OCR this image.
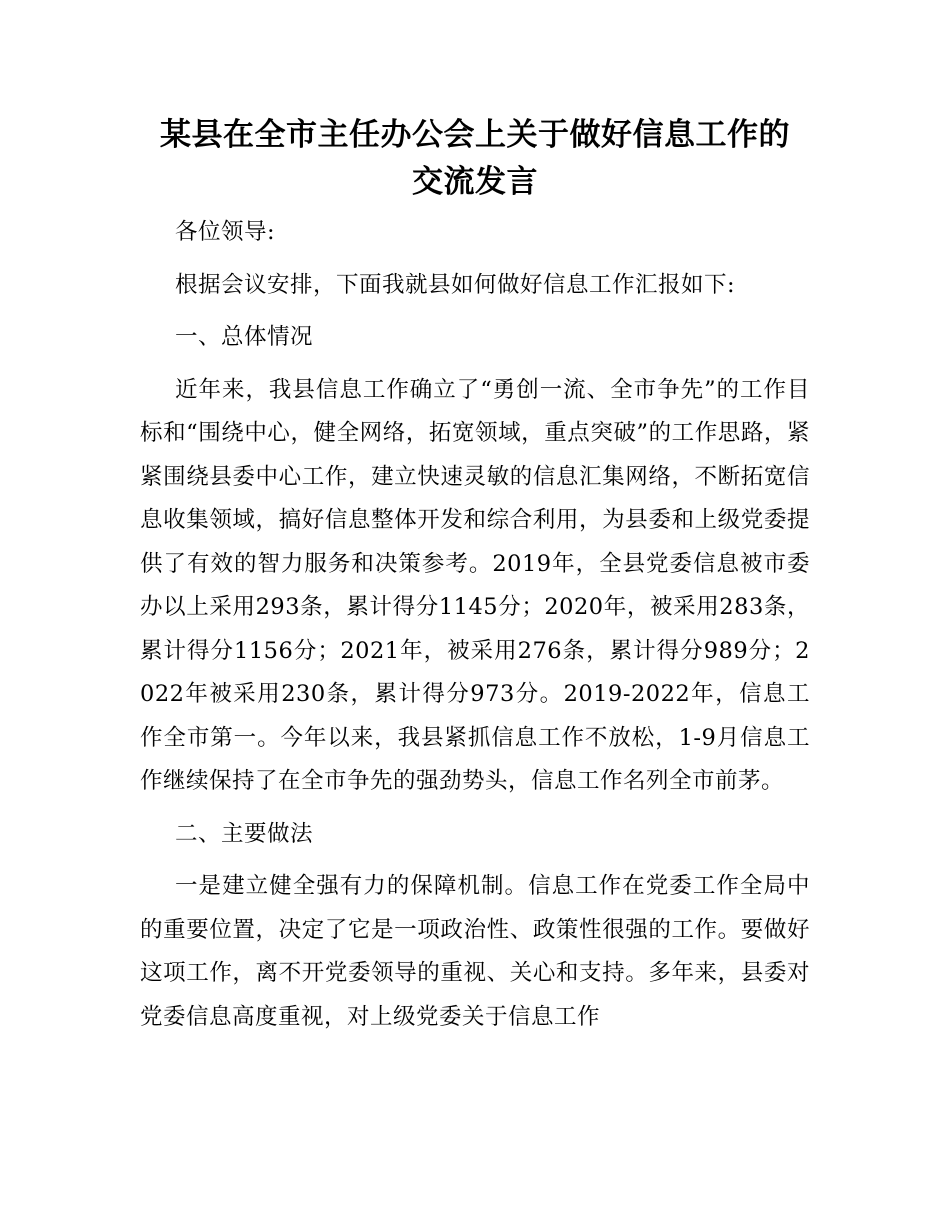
某县在全市主任办公会上关于做好信息工作的
交流发言

各位领导:

根据会议安排，下面我就县如何做好信息工作汇报如下:

一、总体情况

近年来，我县信息工作确立了“勇创一流、全市争先”的工作目标和“围绕中心，健全网络，拓宽领域，重点突破”的工作思路，紧紧围绕县委中心工作，建立快速灵敏的信息汇集网络，不断拓宽信息收集领域，搞好信息整体开发和综合利用，为县委和上级党委提供了有效的智力服务和决策参考。2019年，全县党委信息被市委办以上采用293条，累计得分1145分；2020年，被采用283条，累计得分1156分；2021年，被采用276条，累计得分989分；2022年被采用230条，累计得分973分。2019-2022年，信息工作全市第一。今年以来，我县紧抓信息工作不放松，1-9月信息工作继续保持了在全市争先的强劲势头，信息工作名列全市前茅。

二、主要做法

一是建立健全强有力的保障机制。信息工作在党委工作全局中的重要位置，决定了它是一项政治性、政策性很强的工作。要做好这项工作，离不开党委领导的重视、关心和支持。多年来，县委对党委信息高度重视，对上级党委关于信息工作
